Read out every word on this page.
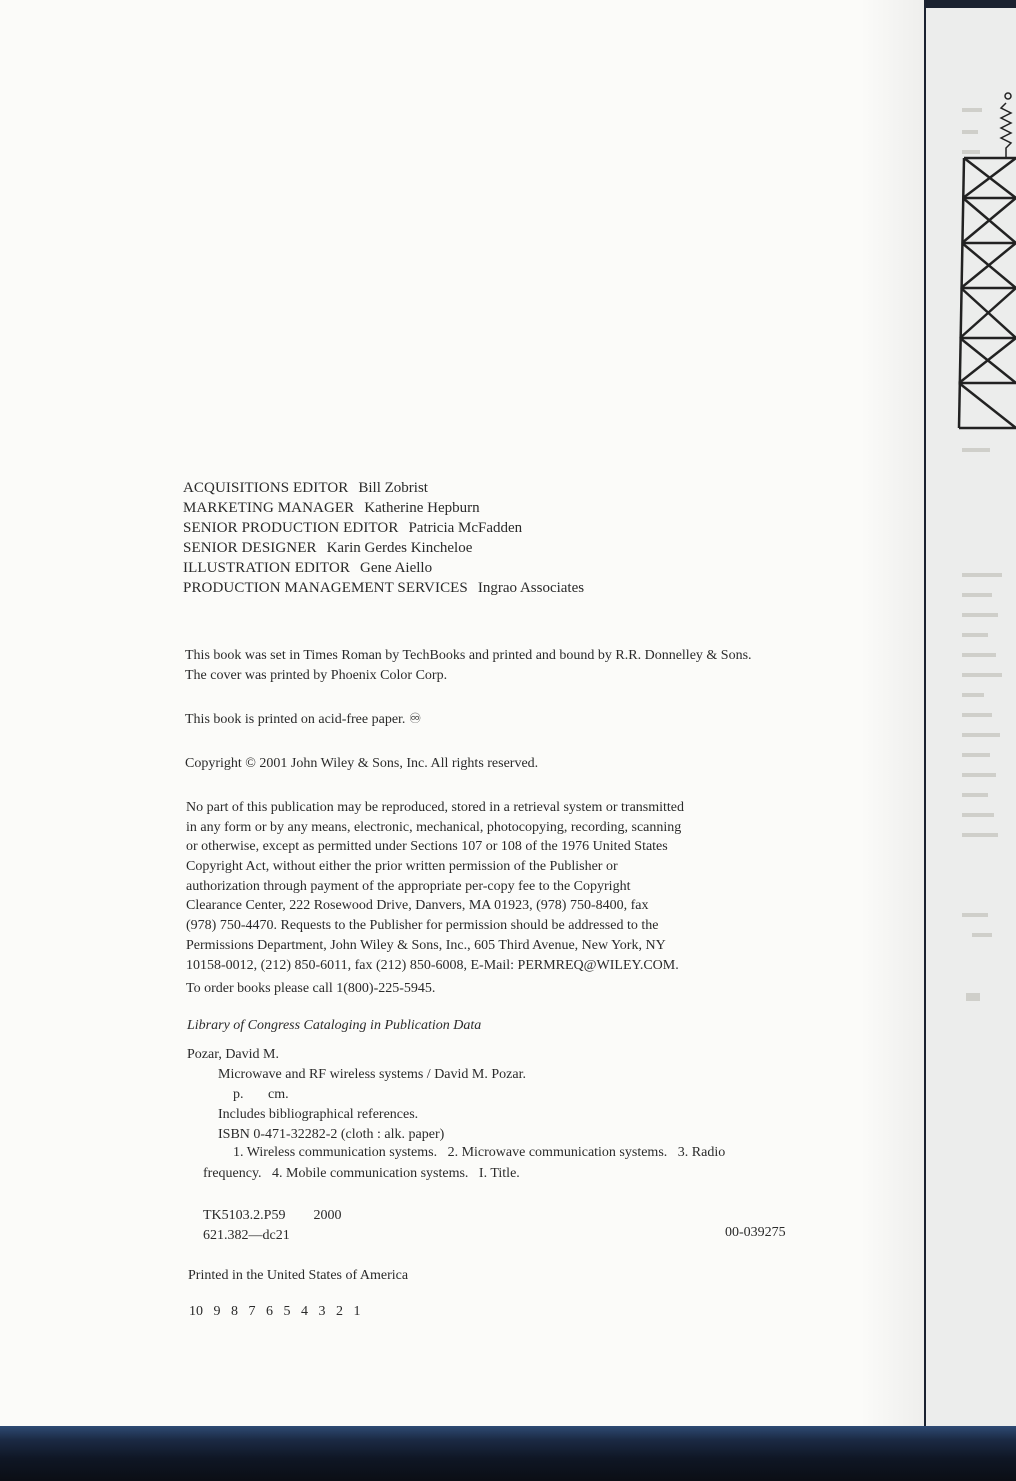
ACQUISITIONS EDITOR Bill Zobrist
MARKETING MANAGER Katherine Hepburn
SENIOR PRODUCTION EDITOR Patricia McFadden
SENIOR DESIGNER Karin Gerdes Kincheloe
ILLUSTRATION EDITOR Gene Aiello
PRODUCTION MANAGEMENT SERVICES Ingrao Associates
This book was set in Times Roman by TechBooks and printed and bound by R.R. Donnelley & Sons.
The cover was printed by Phoenix Color Corp.
This book is printed on acid-free paper. ♾
Copyright © 2001 John Wiley & Sons, Inc. All rights reserved.
No part of this publication may be reproduced, stored in a retrieval system or transmitted
in any form or by any means, electronic, mechanical, photocopying, recording, scanning
or otherwise, except as permitted under Sections 107 or 108 of the 1976 United States
Copyright Act, without either the prior written permission of the Publisher or
authorization through payment of the appropriate per-copy fee to the Copyright
Clearance Center, 222 Rosewood Drive, Danvers, MA 01923, (978) 750-8400, fax
(978) 750-4470. Requests to the Publisher for permission should be addressed to the
Permissions Department, John Wiley & Sons, Inc., 605 Third Avenue, New York, NY
10158-0012, (212) 850-6011, fax (212) 850-6008, E-Mail: PERMREQ@WILEY.COM.
To order books please call 1(800)-225-5945.
Library of Congress Cataloging in Publication Data
Pozar, David M.
Microwave and RF wireless systems / David M. Pozar.
p.       cm.
Includes bibliographical references.
ISBN 0-471-32282-2 (cloth : alk. paper)
1. Wireless communication systems.   2. Microwave communication systems.   3. Radio
frequency.   4. Mobile communication systems.   I. Title.
TK5103.2.P59        2000
621.382—dc21	00-039275
Printed in the United States of America
10   9   8   7   6   5   4   3   2   1
